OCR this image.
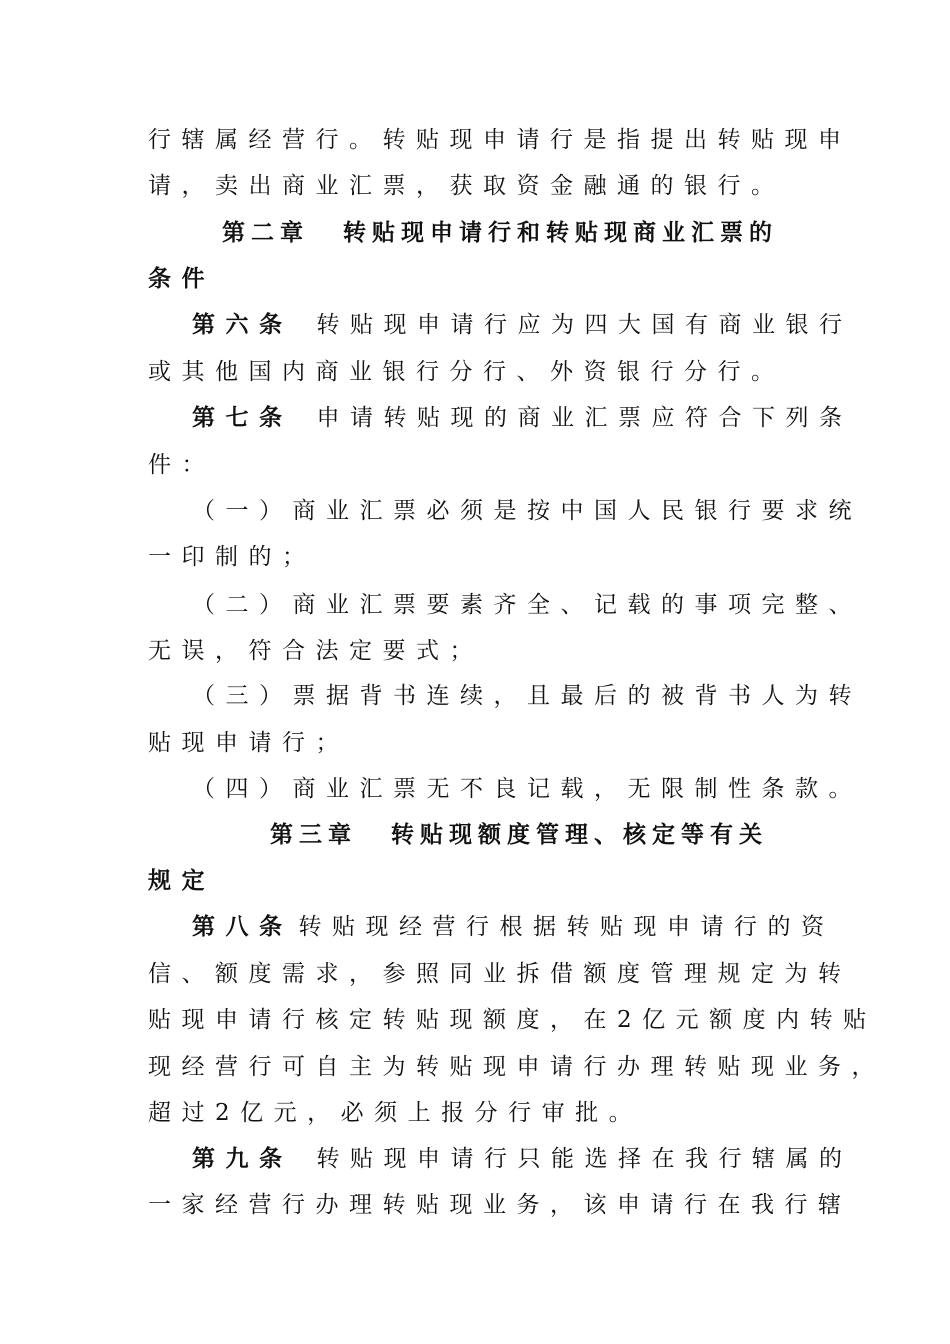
行辖属经营行。转贴现申请行是指提出转贴现申
请，卖出商业汇票，获取资金融通的银行。
第二章 转贴现申请行和转贴现商业汇票的
条件
第六条 转贴现申请行应为四大国有商业银行
或其他国内商业银行分行、外资银行分行。
第七条 申请转贴现的商业汇票应符合下列条
件：
（一）商业汇票必须是按中国人民银行要求统
一印制的；
（二）商业汇票要素齐全、记载的事项完整、
无误，符合法定要式；
（三）票据背书连续，且最后的被背书人为转
贴现申请行；
（四）商业汇票无不良记载，无限制性条款。
第三章 转贴现额度管理、核定等有关
规定
第八条 转贴现经营行根据转贴现申请行的资
信、额度需求，参照同业拆借额度管理规定为转
贴现申请行核定转贴现额度，在2亿元额度内转贴
现经营行可自主为转贴现申请行办理转贴现业务，
超过2亿元，必须上报分行审批。
第九条 转贴现申请行只能选择在我行辖属的
一家经营行办理转贴现业务，该申请行在我行辖
